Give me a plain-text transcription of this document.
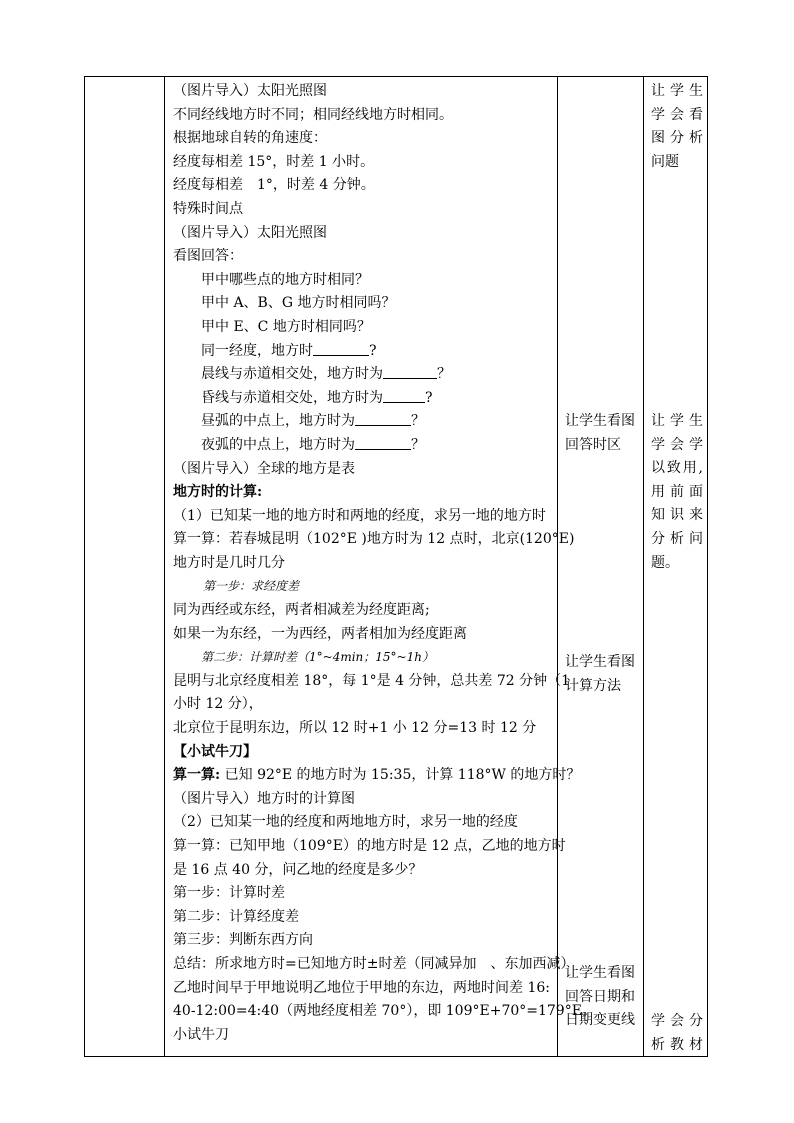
（图片导入）太阳光照图
不同经线地方时不同；相同经线地方时相同。
根据地球自转的角速度：
经度每相差 15°，时差 1 小时。
经度每相差　1°，时差 4 分钟。
特殊时间点
（图片导入）太阳光照图
看图回答：
甲中哪些点的地方时相同？
甲中 A、B、G 地方时相同吗？
甲中 E、C 地方时相同吗？
同一经度，地方时	?
晨线与赤道相交处，地方时为	？
昏线与赤道相交处，地方时为	?
昼弧的中点上，地方时为	？
夜弧的中点上，地方时为	？
（图片导入）全球的地方是表
地方时的计算:
（1）已知某一地的地方时和两地的经度，求另一地的地方时
算一算：若春城昆明（102°E )地方时为 12 点时，北京(120°E)
地方时是几时几分
第一步：求经度差
同为西经或东经，两者相减差为经度距离;
如果一为东经，一为西经，两者相加为经度距离
第二步：计算时差（1°~4min；15°~1h）
昆明与北京经度相差 18°，每 1°是 4 分钟，总共差 72 分钟（1
小时 12 分），
北京位于昆明东边，所以 12 时+1 小 12 分=13 时 12 分
【小试牛刀】
算一算: 已知 92°E 的地方时为 15:35，计算 118°W 的地方时？
（图片导入）地方时的计算图
（2）已知某一地的经度和两地地方时，求另一地的经度
算一算：已知甲地（109°E）的地方时是 12 点，乙地的地方时
是 16 点 40 分，问乙地的经度是多少？
第一步：计算时差
第二步：计算经度差
第三步：判断东西方向
总结：所求地方时=已知地方时±时差（同减异加　、东加西减）
乙地时间早于甲地说明乙地位于甲地的东边，两地时间差 16:
40-12:00=4:40（两地经度相差 70°），即 109°E+70°=179°E。
小试牛刀
让学生看图
回答时区
让学生看图
计算方法
让学生看图
回答日期和
日期变更线
让学生
学会看
图分析
问题
让学生
学会学
以致用,
用前面
知识来
分析问
题。
学会分
析教材
